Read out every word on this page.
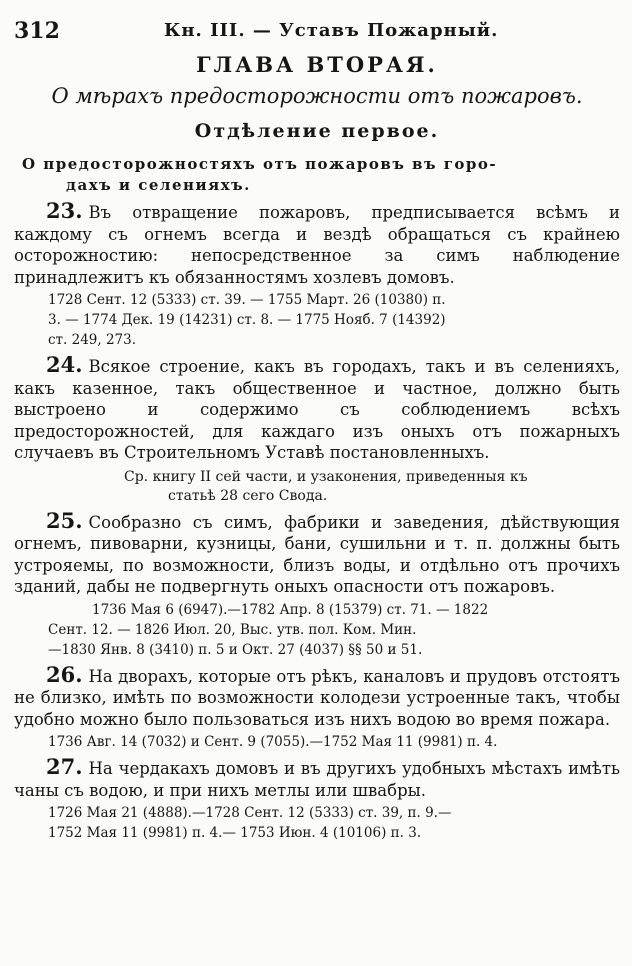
312	Кн. III. — Уставъ Пожарный.
ГЛАВА ВТОРАЯ.
О мѣрахъ предосторожности отъ пожаровъ.
Отдѣление первое.
О предосторожностяхъ отъ пожаровъ въ горо-
дахъ и селенияхъ.
23. Въ отвращение пожаровъ, предписывается всѣмъ и каждому съ огнемъ всегда и вездѣ обращаться съ крайнею осторожностию: непосредственное за симъ наблюдение принадлежитъ къ обязанностямъ хозлевъ домовъ.
1728 Сент. 12 (5333) ст. 39. — 1755 Март. 26 (10380) п.
3. — 1774 Дек. 19 (14231) ст. 8. — 1775 Нояб. 7 (14392)
ст. 249, 273.
24. Всякое строение, какъ въ городахъ, такъ и въ селенияхъ, какъ казенное, такъ общественное и частное, должно быть выстроено и содержимо съ соблюдениемъ всѣхъ предосторожностей, для каждаго изъ оныхъ отъ пожарныхъ случаевъ въ Строительномъ Уставѣ постановленныхъ.
Ср. книгу II сей части, и узаконения, приведенныя къ
статьѣ 28 сего Свода.
25. Сообразно съ симъ, фабрики и заведения, дѣйствующия огнемъ, пивоварни, кузницы, бани, сушильни и т. п. должны быть устрояемы, по возможности, близъ воды, и отдѣльно отъ прочихъ зданий, дабы не подвергнуть оныхъ опасности отъ пожаровъ.
1736 Мая 6 (6947).—1782 Апр. 8 (15379) ст. 71. — 1822
Сент. 12. — 1826 Июл. 20, Выс. утв. пол. Ком. Мин.
—1830 Янв. 8 (3410) п. 5 и Окт. 27 (4037) §§ 50 и 51.
26. На дворахъ, которые отъ рѣкъ, каналовъ и прудовъ отстоятъ не близко, имѣть по возможности колодези устроенные такъ, чтобы удобно можно было пользоваться изъ нихъ водою во время пожара.
1736 Авг. 14 (7032) и Сент. 9 (7055).—1752 Мая 11 (9981) п. 4.
27. На чердакахъ домовъ и въ другихъ удобныхъ мѣстахъ имѣть чаны съ водою, и при нихъ метлы или швабры.
1726 Мая 21 (4888).—1728 Сент. 12 (5333) ст. 39, п. 9.—
1752 Мая 11 (9981) п. 4.— 1753 Июн. 4 (10106) п. 3.
